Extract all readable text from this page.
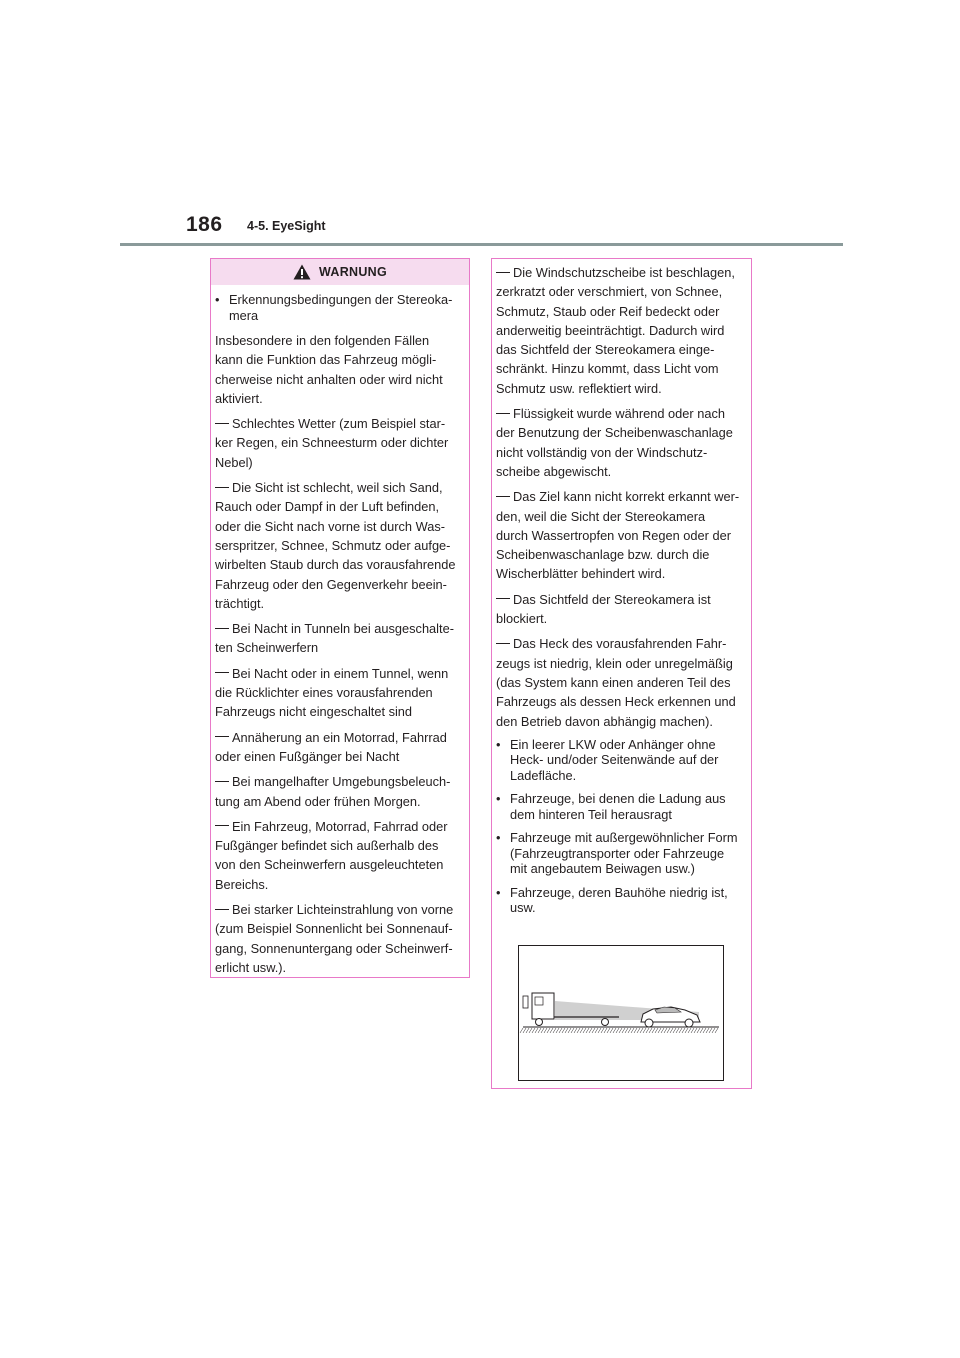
186 4-5. EyeSight
WARNUNG
• Erkennungsbedingungen der Stereoka-
mera
Insbesondere in den folgenden Fällen
kann die Funktion das Fahrzeug mögli-
cherweise nicht anhalten oder wird nicht
aktiviert.
Schlechtes Wetter (zum Beispiel star-
ker Regen, ein Schneesturm oder dichter
Nebel)
Die Sicht ist schlecht, weil sich Sand,
Rauch oder Dampf in der Luft befinden,
oder die Sicht nach vorne ist durch Was-
serspritzer, Schnee, Schmutz oder aufge-
wirbelten Staub durch das vorausfahrende
Fahrzeug oder den Gegenverkehr beein-
trächtigt.
Bei Nacht in Tunneln bei ausgeschalte-
ten Scheinwerfern
Bei Nacht oder in einem Tunnel, wenn
die Rücklichter eines vorausfahrenden
Fahrzeugs nicht eingeschaltet sind
Annäherung an ein Motorrad, Fahrrad
oder einen Fußgänger bei Nacht
Bei mangelhafter Umgebungsbeleuch-
tung am Abend oder frühen Morgen.
Ein Fahrzeug, Motorrad, Fahrrad oder
Fußgänger befindet sich außerhalb des
von den Scheinwerfern ausgeleuchteten
Bereichs.
Bei starker Lichteinstrahlung von vorne
(zum Beispiel Sonnenlicht bei Sonnenauf-
gang, Sonnenuntergang oder Scheinwerf-
erlicht usw.).
Die Windschutzscheibe ist beschlagen,
zerkratzt oder verschmiert, von Schnee,
Schmutz, Staub oder Reif bedeckt oder
anderweitig beeinträchtigt. Dadurch wird
das Sichtfeld der Stereokamera einge-
schränkt. Hinzu kommt, dass Licht vom
Schmutz usw. reflektiert wird.
Flüssigkeit wurde während oder nach
der Benutzung der Scheibenwaschanlage
nicht vollständig von der Windschutz-
scheibe abgewischt.
Das Ziel kann nicht korrekt erkannt wer-
den, weil die Sicht der Stereokamera
durch Wassertropfen von Regen oder der
Scheibenwaschanlage bzw. durch die
Wischerblätter behindert wird.
Das Sichtfeld der Stereokamera ist
blockiert.
Das Heck des vorausfahrenden Fahr-
zeugs ist niedrig, klein oder unregelmäßig
(das System kann einen anderen Teil des
Fahrzeugs als dessen Heck erkennen und
den Betrieb davon abhängig machen).
• Ein leerer LKW oder Anhänger ohne
Heck- und/oder Seitenwände auf der
Ladefläche.
• Fahrzeuge, bei denen die Ladung aus
dem hinteren Teil herausragt
• Fahrzeuge mit außergewöhnlicher Form
(Fahrzeugtransporter oder Fahrzeuge
mit angebautem Beiwagen usw.)
• Fahrzeuge, deren Bauhöhe niedrig ist,
usw.
